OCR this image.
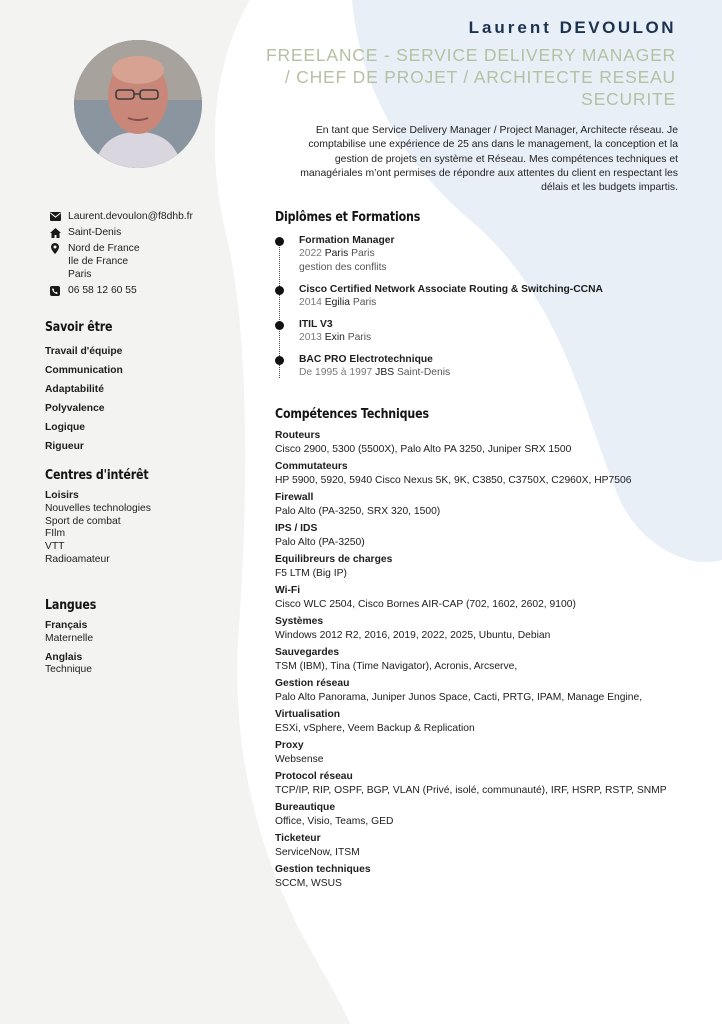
Laurent DEVOULON
FREELANCE - SERVICE DELIVERY MANAGER / CHEF DE PROJET / ARCHITECTE RESEAU SECURITE
En tant que Service Delivery Manager / Project Manager, Architecte réseau. Je comptabilise une expérience de 25 ans dans le management, la conception et la gestion de projets en système et Réseau. Mes compétences techniques et managériales m’ont permises de répondre aux attentes du client en respectant les délais et les budgets impartis.
Laurent.devoulon@f8dhb.fr
Saint-Denis
Nord de France
Ile de France
Paris
06 58 12 60 55
Savoir être
Travail d'équipe
Communication
Adaptabilité
Polyvalence
Logique
Rigueur
Centres d'intérêt
Loisirs
Nouvelles technologies
Sport de combat
FIlm
VTT
Radioamateur
Langues
Français
Maternelle
Anglais
Technique
Diplômes et Formations
Formation Manager
2022 Paris Paris
gestion des conflits
Cisco Certified Network Associate Routing & Switching-CCNA
2014 Egilia Paris
ITIL V3
2013 Exin Paris
BAC PRO Electrotechnique
De 1995 à 1997 JBS Saint-Denis
Compétences Techniques
Routeurs
Cisco 2900, 5300 (5500X), Palo Alto PA 3250, Juniper SRX 1500
Commutateurs
HP 5900, 5920, 5940 Cisco Nexus 5K, 9K, C3850, C3750X, C2960X, HP7506
Firewall
Palo Alto (PA-3250, SRX 320, 1500)
IPS / IDS
Palo Alto (PA-3250)
Equilibreurs de charges
F5 LTM (Big IP)
Wi-Fi
Cisco WLC 2504, Cisco Bornes AIR-CAP (702, 1602, 2602, 9100)
Systèmes
Windows 2012 R2, 2016, 2019, 2022, 2025, Ubuntu, Debian
Sauvegardes
TSM (IBM), Tina (Time Navigator), Acronis, Arcserve,
Gestion réseau
Palo Alto Panorama, Juniper Junos Space, Cacti, PRTG, IPAM, Manage Engine,
Virtualisation
ESXi, vSphere, Veem Backup & Replication
Proxy
Websense
Protocol réseau
TCP/IP, RIP, OSPF, BGP, VLAN (Privé, isolé, communauté), IRF, HSRP, RSTP, SNMP
Bureautique
Office, Visio, Teams, GED
Ticketeur
ServiceNow, ITSM
Gestion techniques
SCCM, WSUS
